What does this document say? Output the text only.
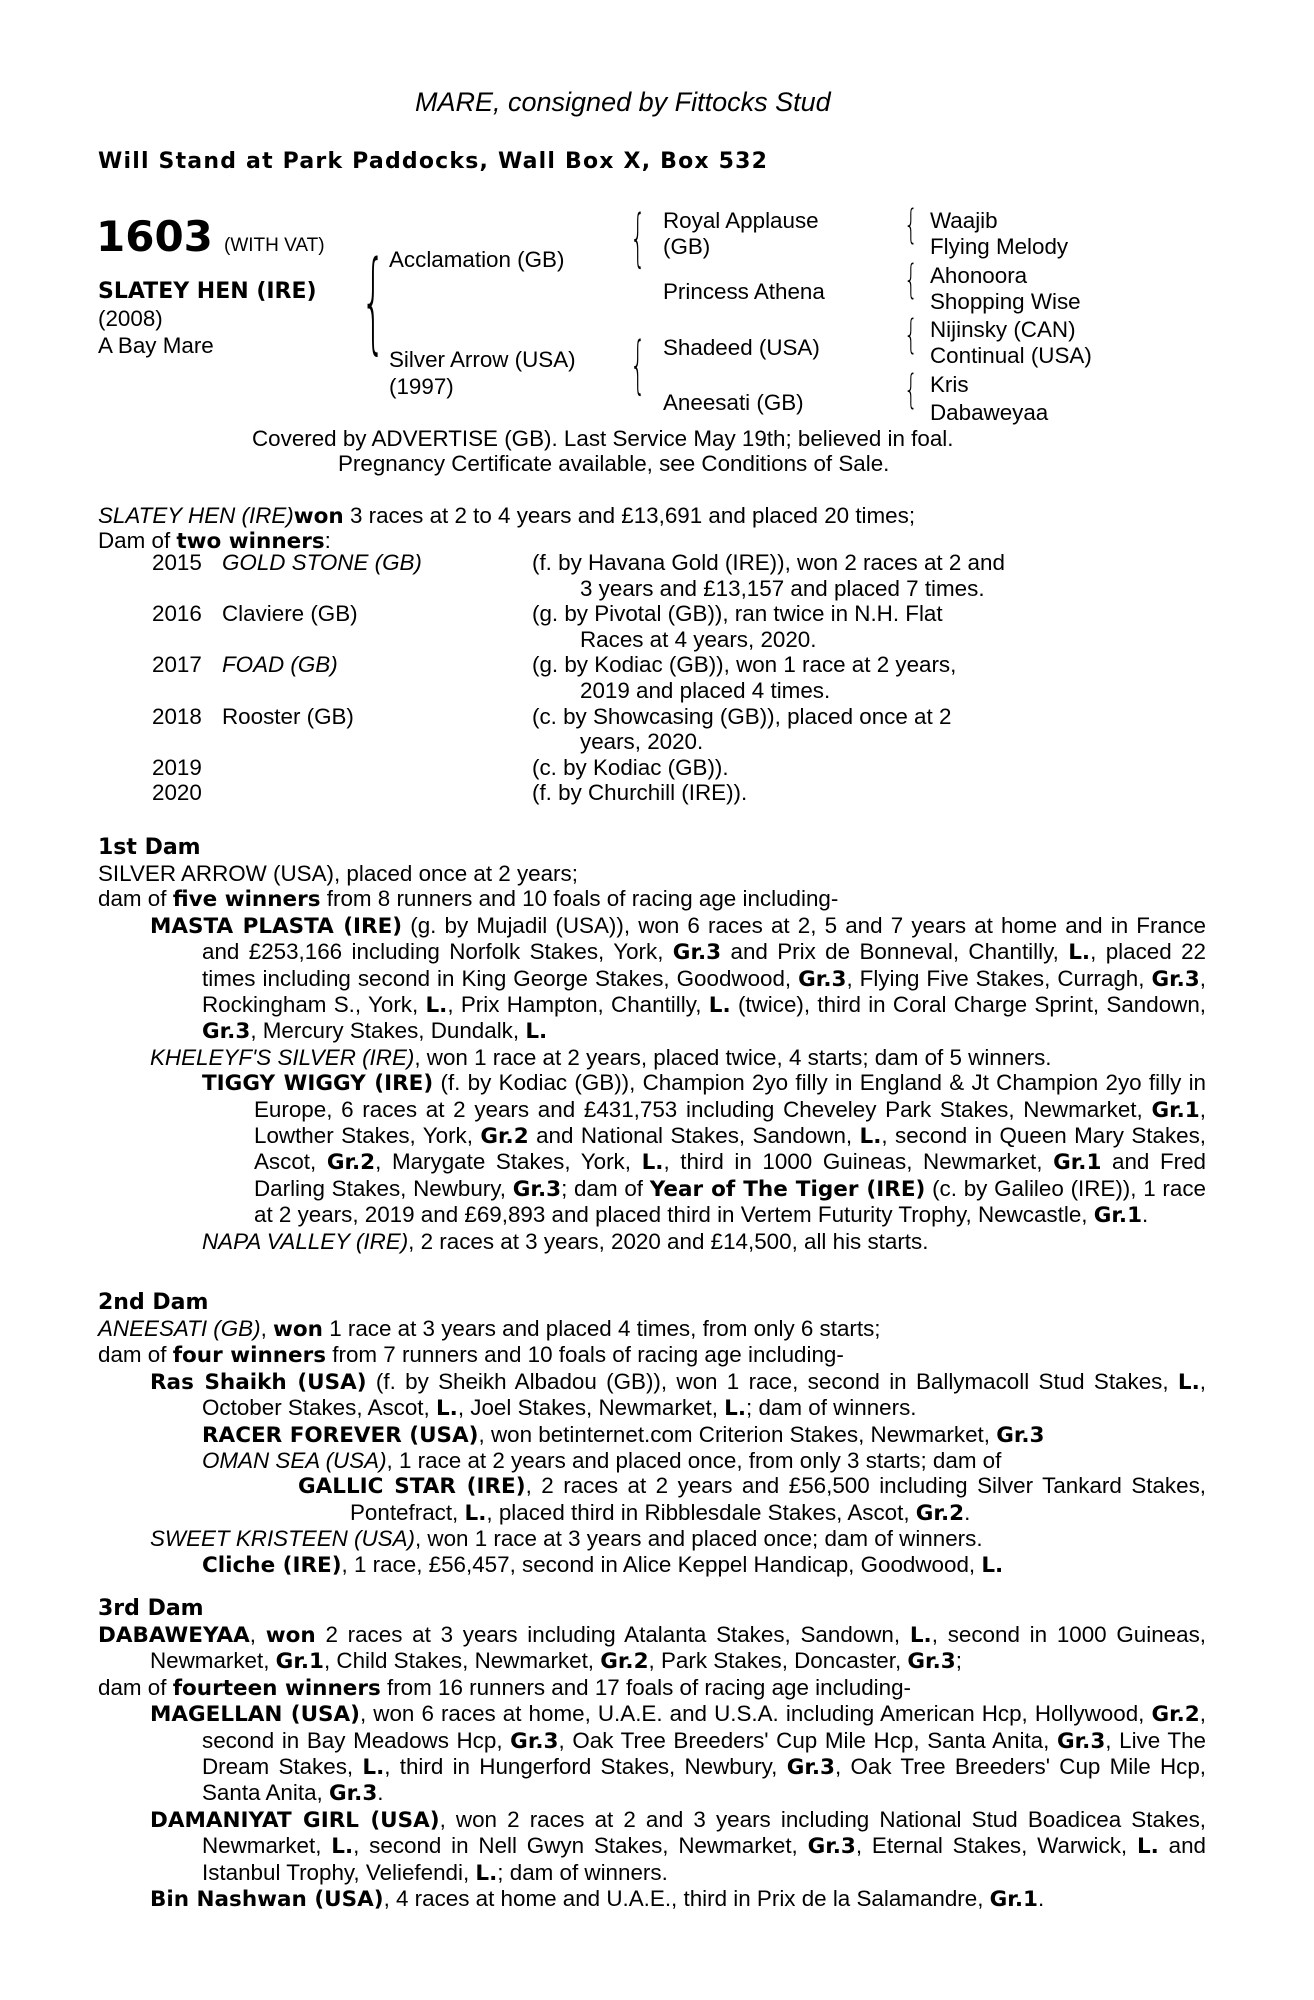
MARE, consigned by Fittocks Stud
Will Stand at Park Paddocks, Wall Box X, Box 532
1603 (WITH VAT)
SLATEY HEN (IRE)
(2008)
A Bay Mare {	{
{
{
{
{
{
Acclamation (GB)
Silver Arrow (USA)
(1997)
Royal Applause
(GB)
Princess Athena
Shadeed (USA)
Aneesati (GB)
Waajib
Flying Melody
Ahonoora
Shopping Wise
Nijinsky (CAN)
Continual (USA)
Kris
Dabaweyaa
Covered by ADVERTISE (GB). Last Service May 19th; believed in foal.
Pregnancy Certificate available, see Conditions of Sale.
SLATEY HEN (IRE)won 3 races at 2 to 4 years and £13,691 and placed 20 times;
Dam of two winners:
2015	GOLD STONE (GB)	(f. by Havana Gold (IRE)), won 2 races at 2 and
3 years and £13,157 and placed 7 times.

2016	Claviere (GB)	(g. by Pivotal (GB)), ran twice in N.H. Flat
Races at 4 years, 2020.

2017	FOAD (GB)	(g. by Kodiac (GB)), won 1 race at 2 years,
2019 and placed 4 times.

2018	Rooster (GB)	(c. by Showcasing (GB)), placed once at 2
years, 2020.

2019		(c. by Kodiac (GB)).

2020		(f. by Churchill (IRE)).

1st Dam

SILVER ARROW (USA), placed once at 2 years;

dam of five winners from 8 runners and 10 foals of racing age including-

MASTA PLASTA (IRE) (g. by Mujadil (USA)), won 6 races at 2, 5 and 7 years at home and in France and £253,166 including Norfolk Stakes, York, Gr.3 and Prix de Bonneval, Chantilly, L., placed 22 times including second in King George Stakes, Goodwood, Gr.3, Flying Five Stakes, Curragh, Gr.3, Rockingham S., York, L., Prix Hampton, Chantilly, L. (twice), third in Coral Charge Sprint, Sandown, Gr.3, Mercury Stakes, Dundalk, L.

KHELEYF'S SILVER (IRE), won 1 race at 2 years, placed twice, 4 starts; dam of 5 winners.

TIGGY WIGGY (IRE) (f. by Kodiac (GB)), Champion 2yo filly in England & Jt Champion 2yo filly in Europe, 6 races at 2 years and £431,753 including Cheveley Park Stakes, Newmarket, Gr.1, Lowther Stakes, York, Gr.2 and National Stakes, Sandown, L., second in Queen Mary Stakes, Ascot, Gr.2, Marygate Stakes, York, L., third in 1000 Guineas, Newmarket, Gr.1 and Fred Darling Stakes, Newbury, Gr.3; dam of Year of The Tiger (IRE) (c. by Galileo (IRE)), 1 race at 2 years, 2019 and £69,893 and placed third in Vertem Futurity Trophy, Newcastle, Gr.1.

NAPA VALLEY (IRE), 2 races at 3 years, 2020 and £14,500, all his starts.

2nd Dam

ANEESATI (GB), won 1 race at 3 years and placed 4 times, from only 6 starts;

dam of four winners from 7 runners and 10 foals of racing age including-

Ras Shaikh (USA) (f. by Sheikh Albadou (GB)), won 1 race, second in Ballymacoll Stud Stakes, L., October Stakes, Ascot, L., Joel Stakes, Newmarket, L.; dam of winners.

RACER FOREVER (USA), won betinternet.com Criterion Stakes, Newmarket, Gr.3

OMAN SEA (USA), 1 race at 2 years and placed once, from only 3 starts; dam of

GALLIC STAR (IRE), 2 races at 2 years and £56,500 including Silver Tankard Stakes, Pontefract, L., placed third in Ribblesdale Stakes, Ascot, Gr.2.

SWEET KRISTEEN (USA), won 1 race at 3 years and placed once; dam of winners.

Cliche (IRE), 1 race, £56,457, second in Alice Keppel Handicap, Goodwood, L.

3rd Dam

DABAWEYAA, won 2 races at 3 years including Atalanta Stakes, Sandown, L., second in 1000 Guineas, Newmarket, Gr.1, Child Stakes, Newmarket, Gr.2, Park Stakes, Doncaster, Gr.3;

dam of fourteen winners from 16 runners and 17 foals of racing age including-

MAGELLAN (USA), won 6 races at home, U.A.E. and U.S.A. including American Hcp, Hollywood, Gr.2, second in Bay Meadows Hcp, Gr.3, Oak Tree Breeders' Cup Mile Hcp, Santa Anita, Gr.3, Live The Dream Stakes, L., third in Hungerford Stakes, Newbury, Gr.3, Oak Tree Breeders' Cup Mile Hcp, Santa Anita, Gr.3.

DAMANIYAT GIRL (USA), won 2 races at 2 and 3 years including National Stud Boadicea Stakes, Newmarket, L., second in Nell Gwyn Stakes, Newmarket, Gr.3, Eternal Stakes, Warwick, L. and Istanbul Trophy, Veliefendi, L.; dam of winners.

Bin Nashwan (USA), 4 races at home and U.A.E., third in Prix de la Salamandre, Gr.1.
